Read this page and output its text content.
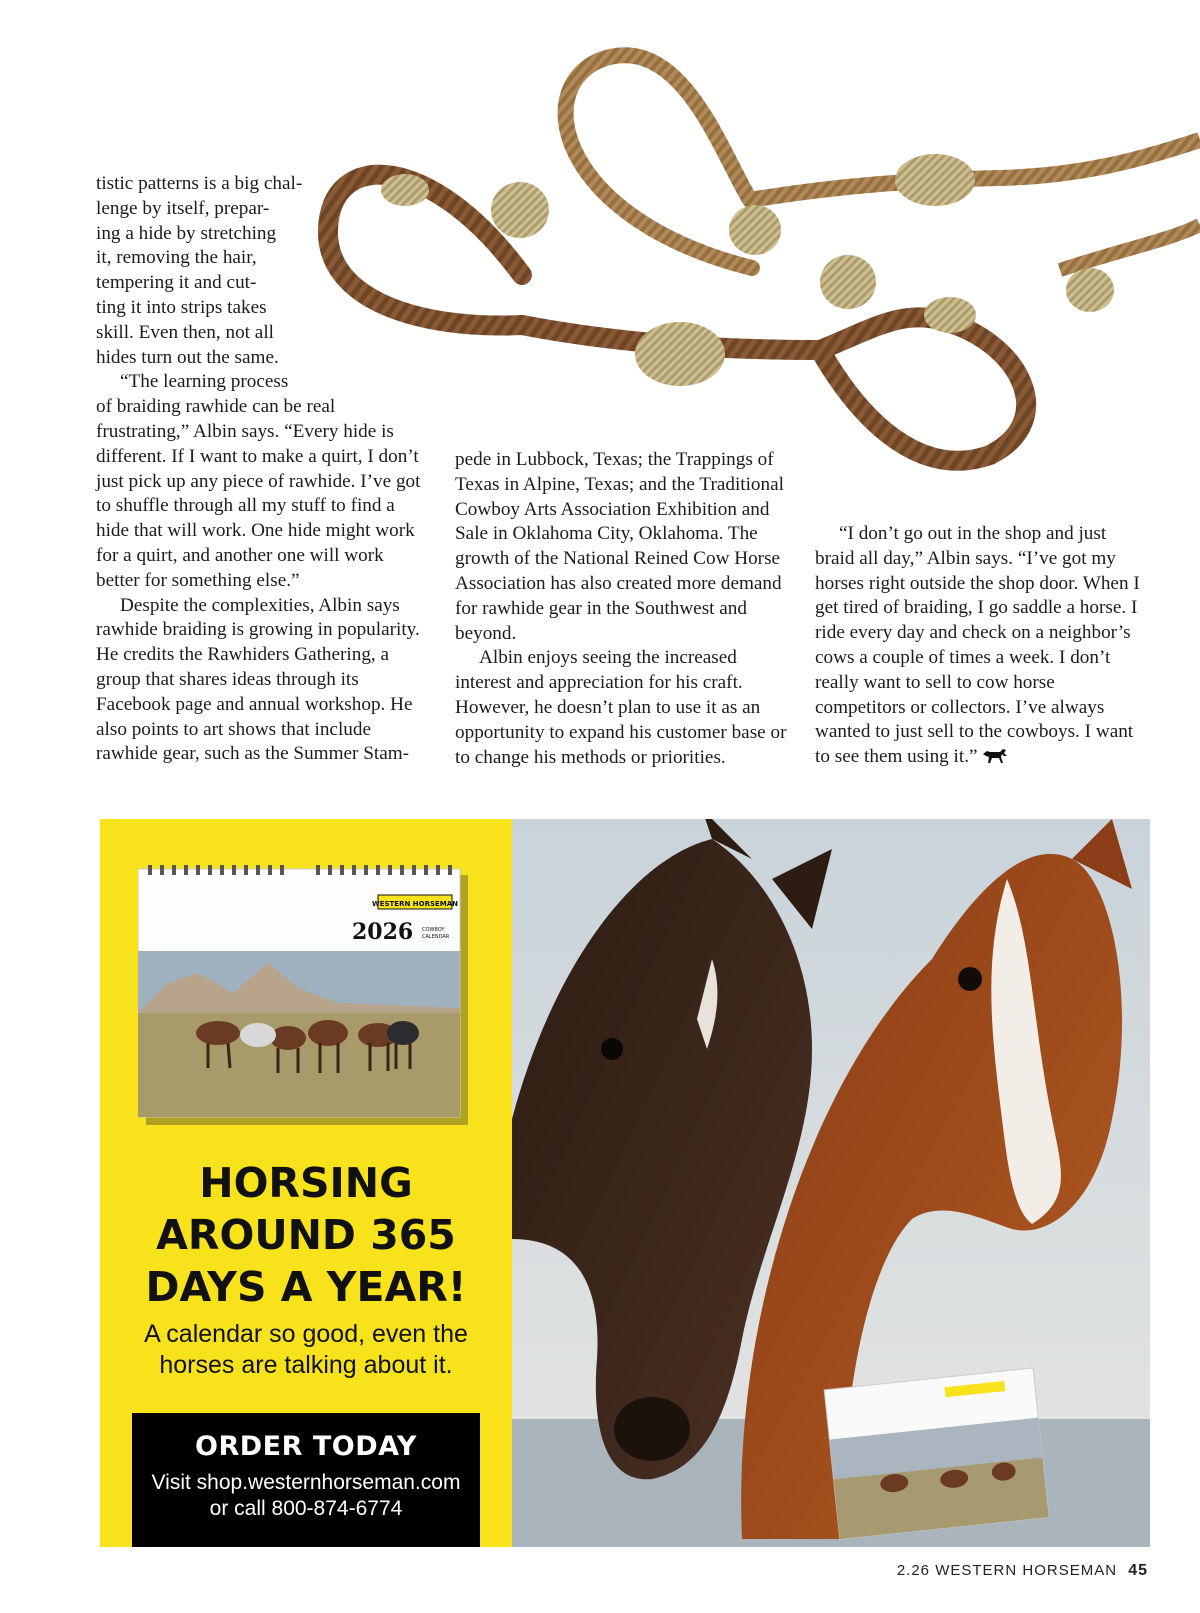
tistic patterns is a big chal-
lenge by itself, prepar-
ing a hide by stretching
it, removing the hair,
tempering it and cut-
ting it into strips takes
skill. Even then, not all
hides turn out the same.

“The learning process
of braiding rawhide can be real
frustrating,” Albin says. “Every hide is different. If I want to make a quirt, I don’t just pick up any piece of rawhide. I’ve got to shuffle through all my stuff to find a hide that will work. One hide might work for a quirt, and another one will work better for something else.”

Despite the complexities, Albin says rawhide braiding is growing in popularity. He credits the Rawhiders Gathering, a group that shares ideas through its Facebook page and annual workshop. He also points to art shows that include rawhide gear, such as the Summer Stam-

pede in Lubbock, Texas; the Trappings of Texas in Alpine, Texas; and the Traditional Cowboy Arts Association Exhibition and Sale in Oklahoma City, Oklahoma. The growth of the National Reined Cow Horse Association has also created more demand for rawhide gear in the Southwest and beyond.

Albin enjoys seeing the increased interest and appreciation for his craft. However, he doesn’t plan to use it as an opportunity to expand his customer base or to change his methods or priorities.

“I don’t go out in the shop and just braid all day,” Albin says. “I’ve got my horses right outside the shop door. When I get tired of braiding, I go saddle a horse. I ride every day and check on a neighbor’s cows a couple of times a week. I don’t really want to sell to cow horse competitors or collectors. I’ve always wanted to just sell to the cowboys. I want to see them using it.”

WESTERN HORSEMAN
2026 COWBOY
CALENDAR
HORSING
AROUND 365
DAYS A YEAR!
A calendar so good, even the
horses are talking about it.
ORDER TODAY
Visit shop.westernhorseman.com
or call 800-874-6774
2.26 WESTERN HORSEMAN 45
